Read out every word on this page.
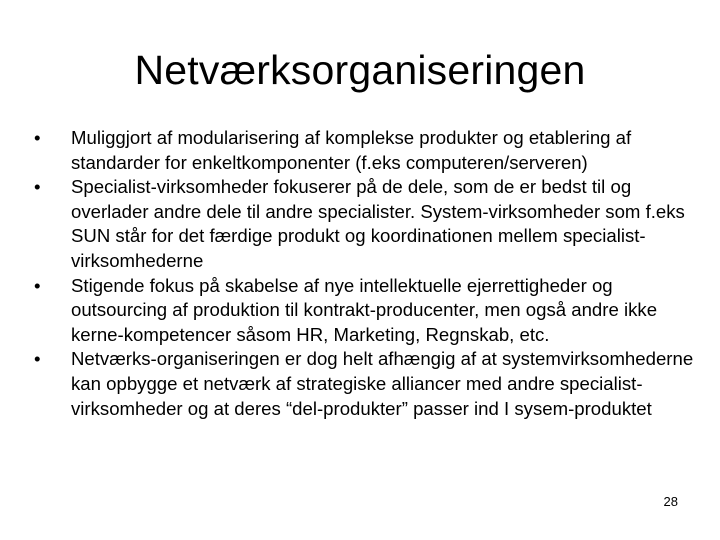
Netværksorganiseringen
•	Muliggjort af modularisering af komplekse produkter og etablering af standarder for enkeltkomponenter (f.eks computeren/serveren)
•	Specialist-virksomheder fokuserer på de dele, som de er bedst til og overlader andre dele til andre specialister. System-virksomheder som f.eks SUN står for det færdige produkt og koordinationen mellem specialist-virksomhederne
•	Stigende fokus på skabelse af nye intellektuelle ejerrettigheder og outsourcing af produktion til kontrakt-producenter, men også andre ikke kerne-kompetencer såsom HR, Marketing, Regnskab, etc.
•	Netværks-organiseringen er dog helt afhængig af at systemvirksomhederne kan opbygge et netværk af strategiske alliancer med andre specialist-virksomheder og at deres “del-produkter” passer ind I sysem-produktet
28
